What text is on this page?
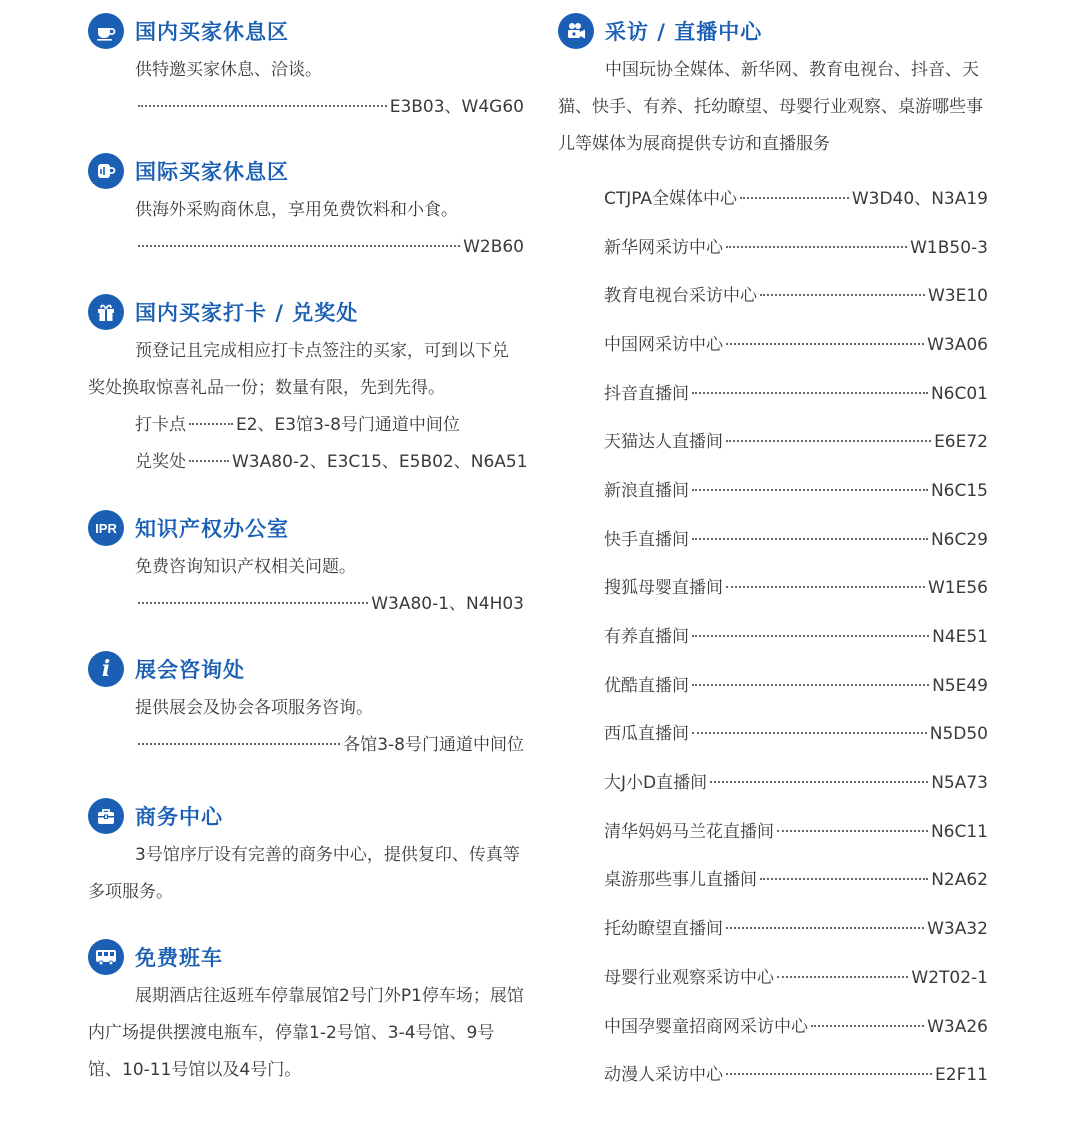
国内买家休息区
供特邀买家休息、洽谈。
E3B03、W4G60
国际买家休息区
供海外采购商休息，享用免费饮料和小食。
W2B60
国内买家打卡 / 兑奖处
预登记且完成相应打卡点签注的买家，可到以下兑奖处换取惊喜礼品一份；数量有限，先到先得。
打卡点	E2、E3馆3-8号门通道中间位
兑奖处	W3A80-2、E3C15、E5B02、N6A51
IPR 知识产权办公室
免费咨询知识产权相关问题。
W3A80-1、N4H03
i 展会咨询处
提供展会及协会各项服务咨询。
各馆3-8号门通道中间位
商务中心
3号馆序厅设有完善的商务中心，提供复印、传真等多项服务。
免费班车
展期酒店往返班车停靠展馆2号门外P1停车场；展馆内广场提供摆渡电瓶车，停靠1-2号馆、3-4号馆、9号馆、10-11号馆以及4号门。
采访 / 直播中心
中国玩协全媒体、新华网、教育电视台、抖音、天猫、快手、有养、托幼瞭望、母婴行业观察、桌游哪些事儿等媒体为展商提供专访和直播服务
CTJPA全媒体中心	W3D40、N3A19
新华网采访中心	W1B50-3
教育电视台采访中心	W3E10
中国网采访中心	W3A06
抖音直播间	N6C01
天猫达人直播间	E6E72
新浪直播间	N6C15
快手直播间	N6C29
搜狐母婴直播间	W1E56
有养直播间	N4E51
优酷直播间	N5E49
西瓜直播间	N5D50
大J小D直播间	N5A73
清华妈妈马兰花直播间	N6C11
桌游那些事儿直播间	N2A62
托幼瞭望直播间	W3A32
母婴行业观察采访中心	W2T02-1
中国孕婴童招商网采访中心	W3A26
动漫人采访中心	E2F11
